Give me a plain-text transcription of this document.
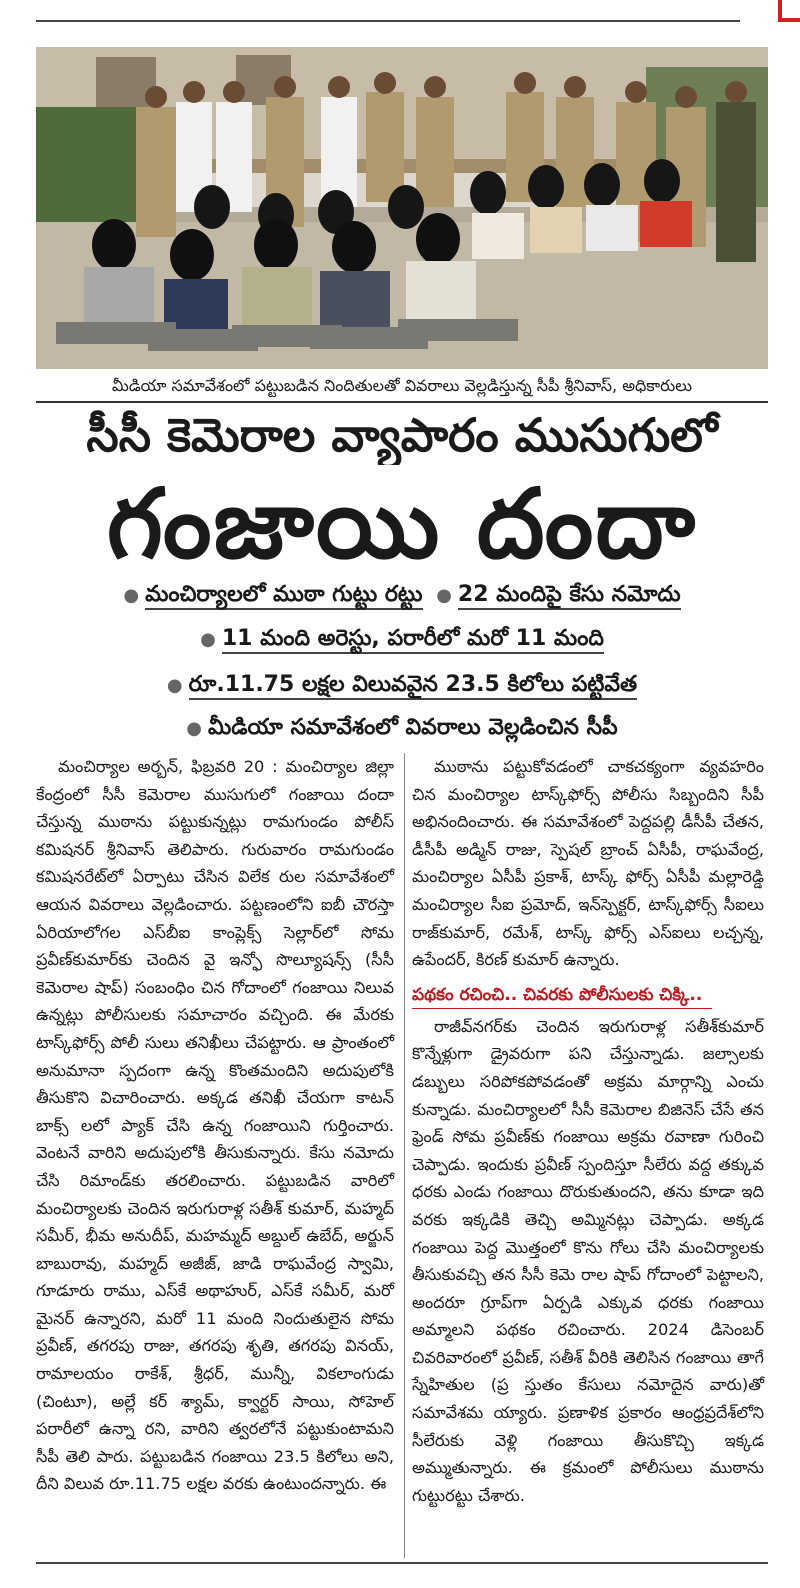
మీడియా సమావేశంలో పట్టుబడిన నిందితులతో వివరాలు వెల్లడిస్తున్న సీపీ శ్రీనివాస్‌, అధికారులు
సీసీ కెమెరాల వ్యాపారం ముసుగులో
గంజాయి దందా
● మంచిర్యాలలో ముఠా గుట్టు రట్టు ● 22 మందిపై కేసు నమోదు
● 11 మంది అరెస్టు, పరారీలో మరో 11 మంది
● రూ.11.75 లక్షల విలువవైన 23.5 కిలోలు పట్టివేత
● మీడియా సమావేశంలో వివరాలు వెల్లడించిన సీపీ

మంచిర్యాల అర్బన్‌, ఫిబ్రవరి 20 : మంచిర్యాల జిల్లా కేంద్రంలో సీసీ కెమెరాల ముసుగులో గంజాయి దందా చేస్తున్న ముఠాను పట్టుకున్నట్లు రామగుండం పోలీస్‌ కమిషనర్‌ శ్రీనివాస్‌ తెలిపారు. గురువారం రామగుండం కమిషనరేట్‌లో ఏర్పాటు చేసిన విలేక రుల సమావేశంలో ఆయన వివరాలు వెల్లడించారు. పట్టణంలోని ఐబీ చౌరస్తా ఏరియాలోగల ఎస్‌బీఐ కాంప్లెక్స్‌ సెల్లార్‌లో సోమ ప్రవీణ్‌కుమార్‌కు చెందిన వై ఇన్ఫో సొల్యూషన్స్‌ (సీసీ కెమెరాల షాప్‌) సంబంధిం చిన గోదాంలో గంజాయి నిలువ ఉన్నట్లు పోలీసులకు సమాచారం వచ్చింది. ఈ మేరకు టాస్క్‌ఫోర్స్‌ పోలీ సులు తనిఖీలు చేపట్టారు. ఆ ప్రాంతంలో అనుమానా స్పదంగా ఉన్న కొంతమందిని అదుపులోకి తీసుకొని విచారించారు. అక్కడ తనిఖీ చేయగా కాటన్‌ బాక్స్‌ లలో ప్యాక్‌ చేసి ఉన్న గంజాయిని గుర్తించారు. వెంటనే వారిని అదుపులోకి తీసుకున్నారు. కేసు నమోదు చేసి రిమాండ్‌కు తరలించారు. పట్టుబడిన వారిలో మంచిర్యాలకు చెందిన ఇరుగురాళ్ల సతీశ్‌ కుమార్‌, మహ్మద్‌ సమీర్‌, భీమ అనుదీప్‌, మహమ్మద్‌ అబ్దుల్‌ ఉబేద్‌, అర్జున్‌ బాబురావు, మహ్మద్‌ అజీజ్‌, జాడి రాఘవేంద్ర స్వామి, గూడూరు రాము, ఎస్‌కే అథాహుర్‌, ఎస్‌కే సమీర్‌, మరో మైనర్‌ ఉన్నారని, మరో 11 మంది నిందుతులైన సోమ ప్రవీణ్‌, తగరపు రాజు, తగరపు శృతి, తగరపు వినయ్‌, రామాలయం రాకేశ్‌, శ్రీధర్‌, మున్నీ, వికలాంగుడు (చింటూ), అల్లే కర్‌ శ్యామ్‌, క్వార్టర్‌ సాయి, సోహెల్‌ పరారీలో ఉన్నా రని, వారిని త్వరలోనే పట్టుకుంటామని సీపీ తెలి పారు. పట్టుబడిన గంజాయి 23.5 కిలోలు అని, దీని విలువ రూ.11.75 లక్షల వరకు ఉంటుందన్నారు. ఈ

ముఠాను పట్టుకోవడంలో చాకచక్యంగా వ్యవహరిం చిన మంచిర్యాల టాస్క్‌ఫోర్స్‌ పోలీసు సిబ్బందిని సీపీ అభినందించారు. ఈ సమావేశంలో పెద్దపల్లి డీసీపీ చేతన, డీసీపీ అడ్మిన్‌ రాజు, స్పెషల్‌ బ్రాంచ్‌ ఏసీపీ, రాఘవేంద్ర, మంచిర్యాల ఏసీపీ ప్రకాశ్‌, టాస్క్‌ ఫోర్స్‌ ఏసీపీ మల్లారెడ్డి మంచిర్యాల సీఐ ప్రమోద్‌, ఇన్‌స్పెక్టర్‌, టాస్క్‌ఫోర్స్‌ సీఐలు రాజ్‌కుమార్‌, రమేశ్‌, టాస్క్‌ ఫోర్స్‌ ఎస్‌ఐలు లచ్చన్న, ఉపేందర్‌, కిరణ్‌ కుమార్‌ ఉన్నారు.

పథకం రచించి.. చివరకు పోలీసులకు చిక్కి..

రాజీవ్‌నగర్‌కు చెందిన ఇరుగురాళ్ల సతీశ్‌కుమార్‌ కొన్నేళ్లుగా డ్రైవరుగా పని చేస్తున్నాడు. జల్సాలకు డబ్బులు సరిపోకపోవడంతో అక్రమ మార్గాన్ని ఎంచు కున్నాడు. మంచిర్యాలలో సీసీ కెమెరాల బిజినెస్‌ చేసే తన ఫ్రెండ్‌ సోమ ప్రవీణ్‌కు గంజాయి అక్రమ రవాణా గురించి చెప్పాడు. ఇందుకు ప్రవీణ్‌ స్పందిస్తూ సీలేరు వద్ద తక్కువ ధరకు ఎండు గంజాయి దొరుకుతుందని, తను కూడా ఇది వరకు ఇక్కడికి తెచ్చి అమ్మినట్లు చెప్పాడు. అక్కడ గంజాయి పెద్ద మొత్తంలో కొను గోలు చేసి మంచిర్యాలకు తీసుకువచ్చి తన సీసీ కెమె రాల షాప్‌ గోదాంలో పెట్టాలని, అందరూ గ్రూప్‌గా ఏర్పడి ఎక్కువ ధరకు గంజాయి అమ్మాలని పథకం రచించారు. 2024 డిసెంబర్‌ చివరివారంలో ప్రవీణ్‌, సతీశ్‌ వీరికి తెలిసిన గంజాయి తాగే స్నేహితుల (ప్ర స్తుతం కేసులు నమోదైన వారు)తో సమావేశమ య్యారు. ప్రణాళిక ప్రకారం ఆంధ్రప్రదేశ్‌లోని సీలేరుకు వెళ్లి గంజాయి తీసుకొచ్చి ఇక్కడ అమ్ముతున్నారు. ఈ క్రమంలో పోలీసులు ముఠాను గుట్టురట్టు చేశారు.
